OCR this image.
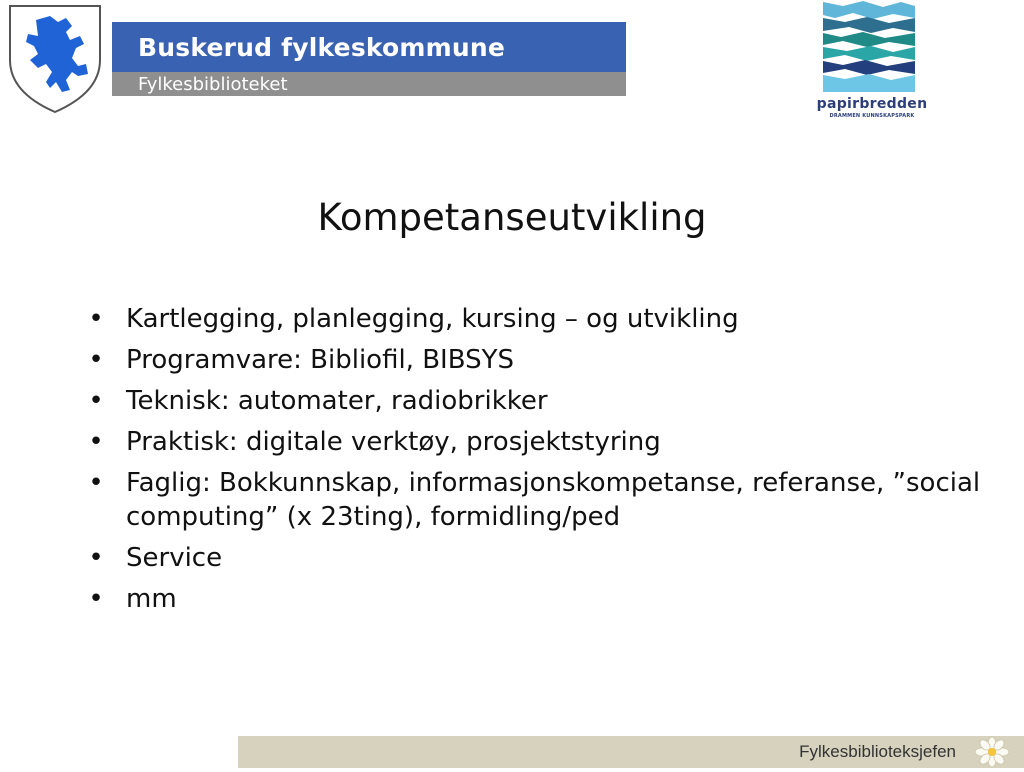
Buskerud fylkeskommune
Fylkesbiblioteket
papirbredden
DRAMMEN KUNNSKAPSPARK
Kompetanseutvikling
• Kartlegging, planlegging, kursing – og utvikling
• Programvare: Bibliofil, BIBSYS
• Teknisk: automater, radiobrikker
• Praktisk: digitale verktøy, prosjektstyring
• Faglig: Bokkunnskap, informasjonskompetanse, referanse, ”social computing” (x 23ting), formidling/ped
• Service
• mm
Fylkesbiblioteksjefen
